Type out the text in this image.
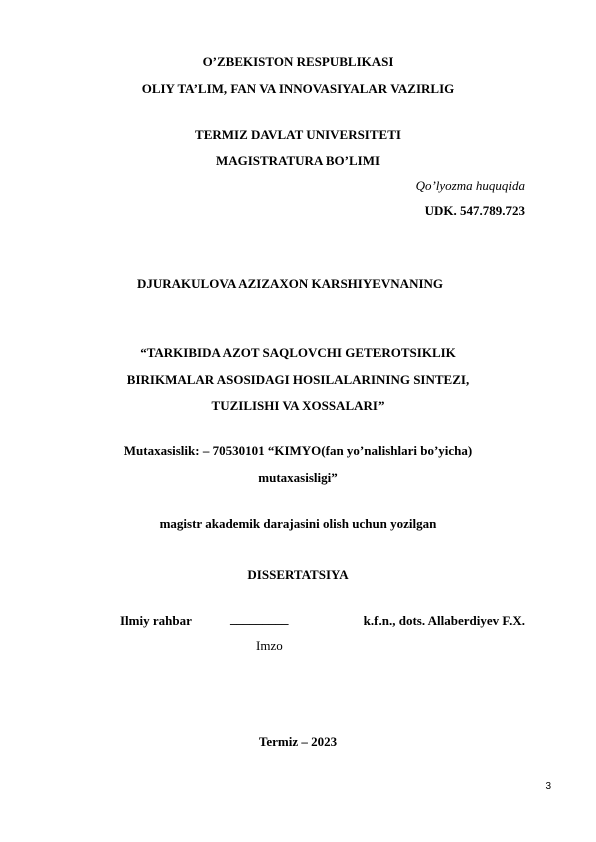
O’ZBEKISTON RESPUBLIKASI
OLIY TA’LIM, FAN VA INNOVASIYALAR VAZIRLIG
TERMIZ DAVLAT UNIVERSITETI
MAGISTRATURA BO’LIMI
Qo’lyozma huquqida
UDK. 547.789.723
DJURAKULOVA AZIZAXON KARSHIYEVNANING
“TARKIBIDA AZOT SAQLOVCHI GETEROTSIKLIK
BIRIKMALAR ASOSIDAGI HOSILALARINING SINTEZI,
TUZILISHI VA XOSSALARI”
Mutaxasislik: – 70530101 “KIMYO(fan yo’nalishlari bo’yicha)
mutaxasisligi”
magistr akademik darajasini olish uchun yozilgan
DISSERTATSIYA
Ilmiy rahbar	_________	k.f.n., dots. Allaberdiyev F.X.
Imzo
Termiz – 2023
3
